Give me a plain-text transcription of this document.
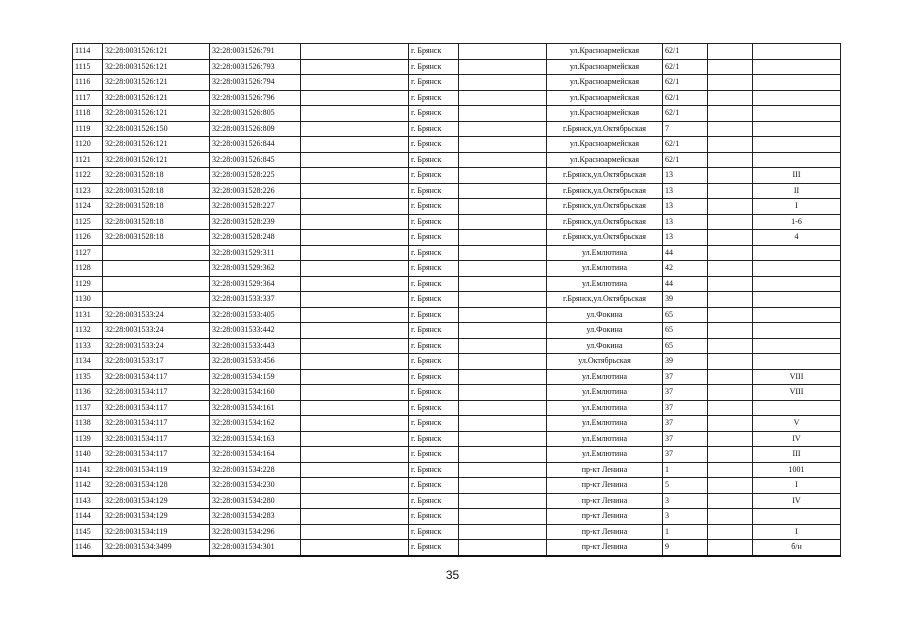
1114	32:28:0031526:121	32:28:0031526:791		г. Брянск		ул.Красноармейская	62/1		
1115	32:28:0031526:121	32:28:0031526:793		г. Брянск		ул.Красноармейская	62/1		
1116	32:28:0031526:121	32:28:0031526:794		г. Брянск		ул.Красноармейская	62/1		
1117	32:28:0031526:121	32:28:0031526:796		г. Брянск		ул.Красноармейская	62/1		
1118	32:28:0031526:121	32:28:0031526:805		г. Брянск		ул.Красноармейская	62/1		
1119	32:28:0031526:150	32:28:0031526:809		г. Брянск		г.Брянск,ул.Октябрьская	7		
1120	32:28:0031526:121	32:28:0031526:844		г. Брянск		ул.Красноармейская	62/1		
1121	32:28:0031526:121	32:28:0031526:845		г. Брянск		ул.Красноармейская	62/1		
1122	32:28:0031528:18	32:28:0031528:225		г. Брянск		г.Брянск,ул.Октябрьская	13		III
1123	32:28:0031528:18	32:28:0031528:226		г. Брянск		г.Брянск,ул.Октябрьская	13		II
1124	32:28:0031528:18	32:28:0031528:227		г. Брянск		г.Брянск,ул.Октябрьская	13		I
1125	32:28:0031528:18	32:28:0031528:239		г. Брянск		г.Брянск,ул.Октябрьская	13		1-6
1126	32:28:0031528:18	32:28:0031528:248		г. Брянск		г.Брянск,ул.Октябрьская	13		4
1127		32:28:0031529:311		г. Брянск		ул.Емлютина	44		
1128		32:28:0031529:362		г. Брянск		ул.Емлютина	42		
1129		32:28:0031529:364		г. Брянск		ул.Емлютина	44		
1130		32:28:0031533:337		г. Брянск		г.Брянск,ул.Октябрьская	39		
1131	32:28:0031533:24	32:28:0031533:405		г. Брянск		ул.Фокина	65		
1132	32:28:0031533:24	32:28:0031533:442		г. Брянск		ул.Фокина	65		
1133	32:28:0031533:24	32:28:0031533:443		г. Брянск		ул.Фокина	65		
1134	32:28:0031533:17	32:28:0031533:456		г. Брянск		ул.Октябрьская	39		
1135	32:28:0031534:117	32:28:0031534:159		г. Брянск		ул.Емлютина	37		VIII
1136	32:28:0031534:117	32:28:0031534:160		г. Брянск		ул.Емлютина	37		VIII
1137	32:28:0031534:117	32:28:0031534:161		г. Брянск		ул.Емлютина	37		
1138	32:28:0031534:117	32:28:0031534:162		г. Брянск		ул.Емлютина	37		V
1139	32:28:0031534:117	32:28:0031534:163		г. Брянск		ул.Емлютина	37		IV
1140	32:28:0031534:117	32:28:0031534:164		г. Брянск		ул.Емлютина	37		III
1141	32:28:0031534:119	32:28:0031534:228		г. Брянск		пр-кт Ленина	1		1001
1142	32:28:0031534:128	32:28:0031534:230		г. Брянск		пр-кт Ленина	5		I
1143	32:28:0031534:129	32:28:0031534:280		г. Брянск		пр-кт Ленина	3		IV
1144	32:28:0031534:129	32:28:0031534:283		г. Брянск		пр-кт Ленина	3		
1145	32:28:0031534:119	32:28:0031534:296		г. Брянск		пр-кт Ленина	1		I
1146	32:28:0031534:3499	32:28:0031534:301		г. Брянск		пр-кт Ленина	9		б/н
35
